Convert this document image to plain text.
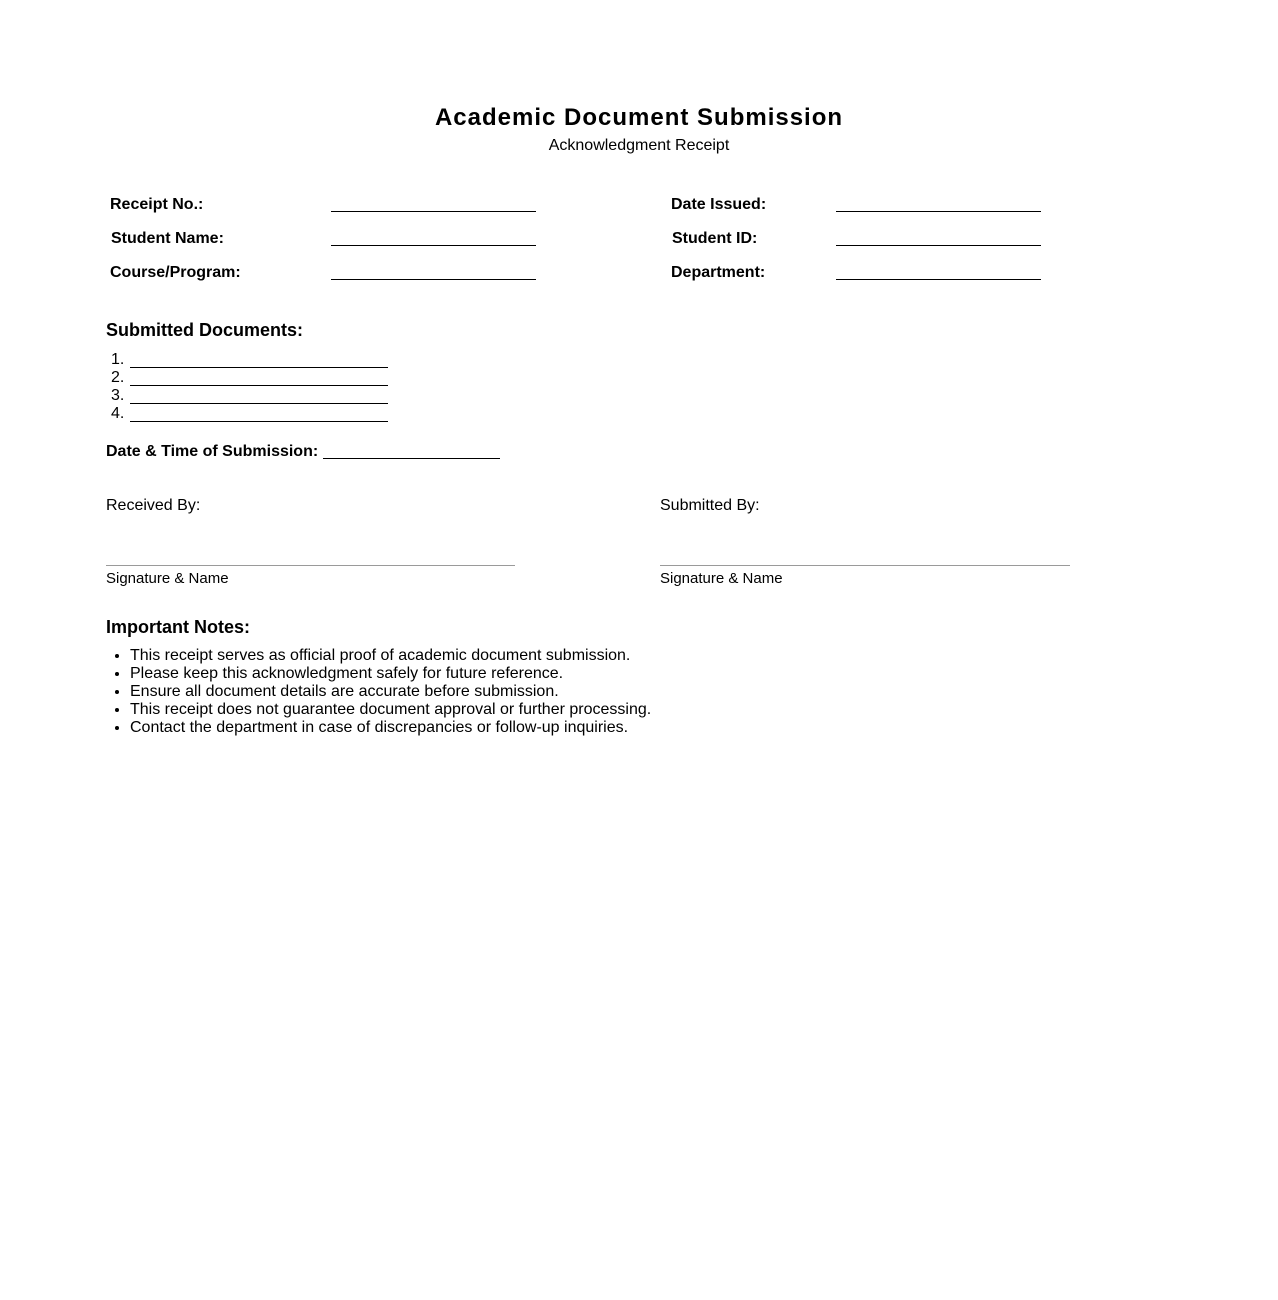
Academic Document Submission
Acknowledgment Receipt
Receipt No.:
Student Name:
Course/Program:
Date Issued:
Student ID:
Department:
Submitted Documents:
1.
2.
3.
4.
Date & Time of Submission:
Received By:	Submitted By:
Signature & Name	Signature & Name
Important Notes:
• This receipt serves as official proof of academic document submission.
• Please keep this acknowledgment safely for future reference.
• Ensure all document details are accurate before submission.
• This receipt does not guarantee document approval or further processing.
• Contact the department in case of discrepancies or follow-up inquiries.
